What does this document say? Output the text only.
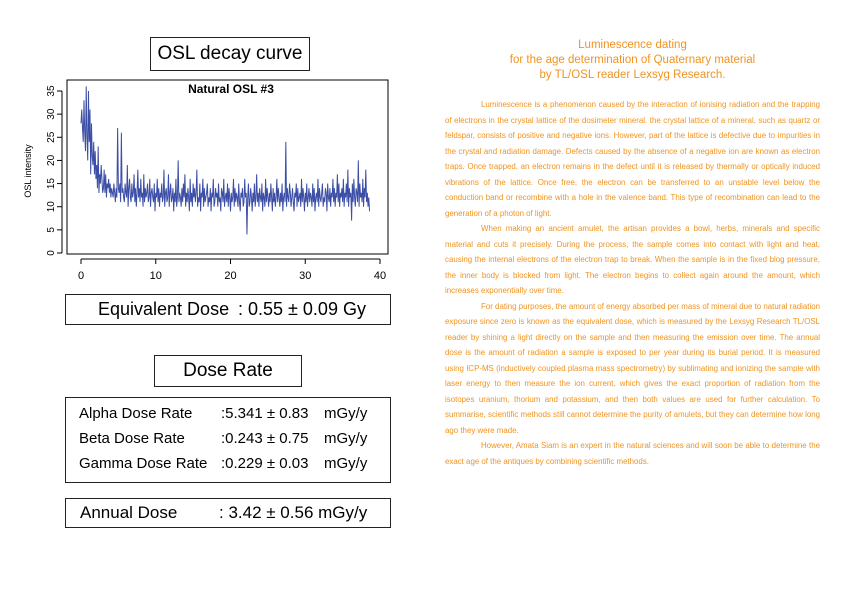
OSL decay curve
0	10	20	30	40
0
5
10
15
20
25
30
35
OSL intensity
Natural OSL #3
Equivalent Dose : 0.55 ± 0.09 Gy
Dose Rate
Alpha Dose Rate :5.341 ± 0.83 mGy/y
Beta Dose Rate :0.243 ± 0.75 mGy/y
Gamma Dose Rate :0.229 ± 0.03 mGy/y
Annual Dose : 3.42 ± 0.56 mGy/y
Luminescence dating
for the age determination of Quaternary material
by TL/OSL reader Lexsyg Research.

Luminescence is a phenomenon caused by the interaction of ionising radiation and the trapping of electrons in the crystal lattice of the dosimeter mineral. the crystal lattice of a mineral, such as quartz or feldspar, consists of positive and negative ions. However, part of the lattice is defective due to impurities in the crystal and radiation damage. Defects caused by the absence of a negative ion are known as electron traps. Once trapped, an electron remains in the defect until it is released by thermally or optically induced vibrations of the lattice. Once free, the electron can be transferred to an unstable level below the conduction band or recombine with a hole in the valence band. This type of recombination can lead to the generation of a photon of light.

When making an ancient amulet, the artisan provides a bowl, herbs, minerals and specific material and cuts it precisely. During the process, the sample comes into contact with light and heat, causing the internal electrons of the electron trap to break. When the sample is in the fixed blog pressure, the inner body is blocked from light. The electron begins to collect again around the amount, which increases exponentially over time.

For dating purposes, the amount of energy absorbed per mass of mineral due to natural radiation exposure since zero is known as the equivalent dose, which is measured by the Lexsyg Research TL/OSL reader by shining a light directly on the sample and then measuring the emission over time. The annual dose is the amount of radiation a sample is exposed to per year during its burial period. It is measured using ICP-MS (inductively coupled plasma mass spectrometry) by sublimating and ionizing the sample with laser energy to then measure the ion current, which gives the exact proportion of radiation from the isotopes uranium, thorium and potassium, and then both values are used for further calculation. To summarise, scientific methods still cannot determine the purity of amulets, but they can determine how long ago they were made.

However, Amata Siam is an expert in the natural sciences and will soon be able to determine the exact age of the antiques by combining scientific methods.
